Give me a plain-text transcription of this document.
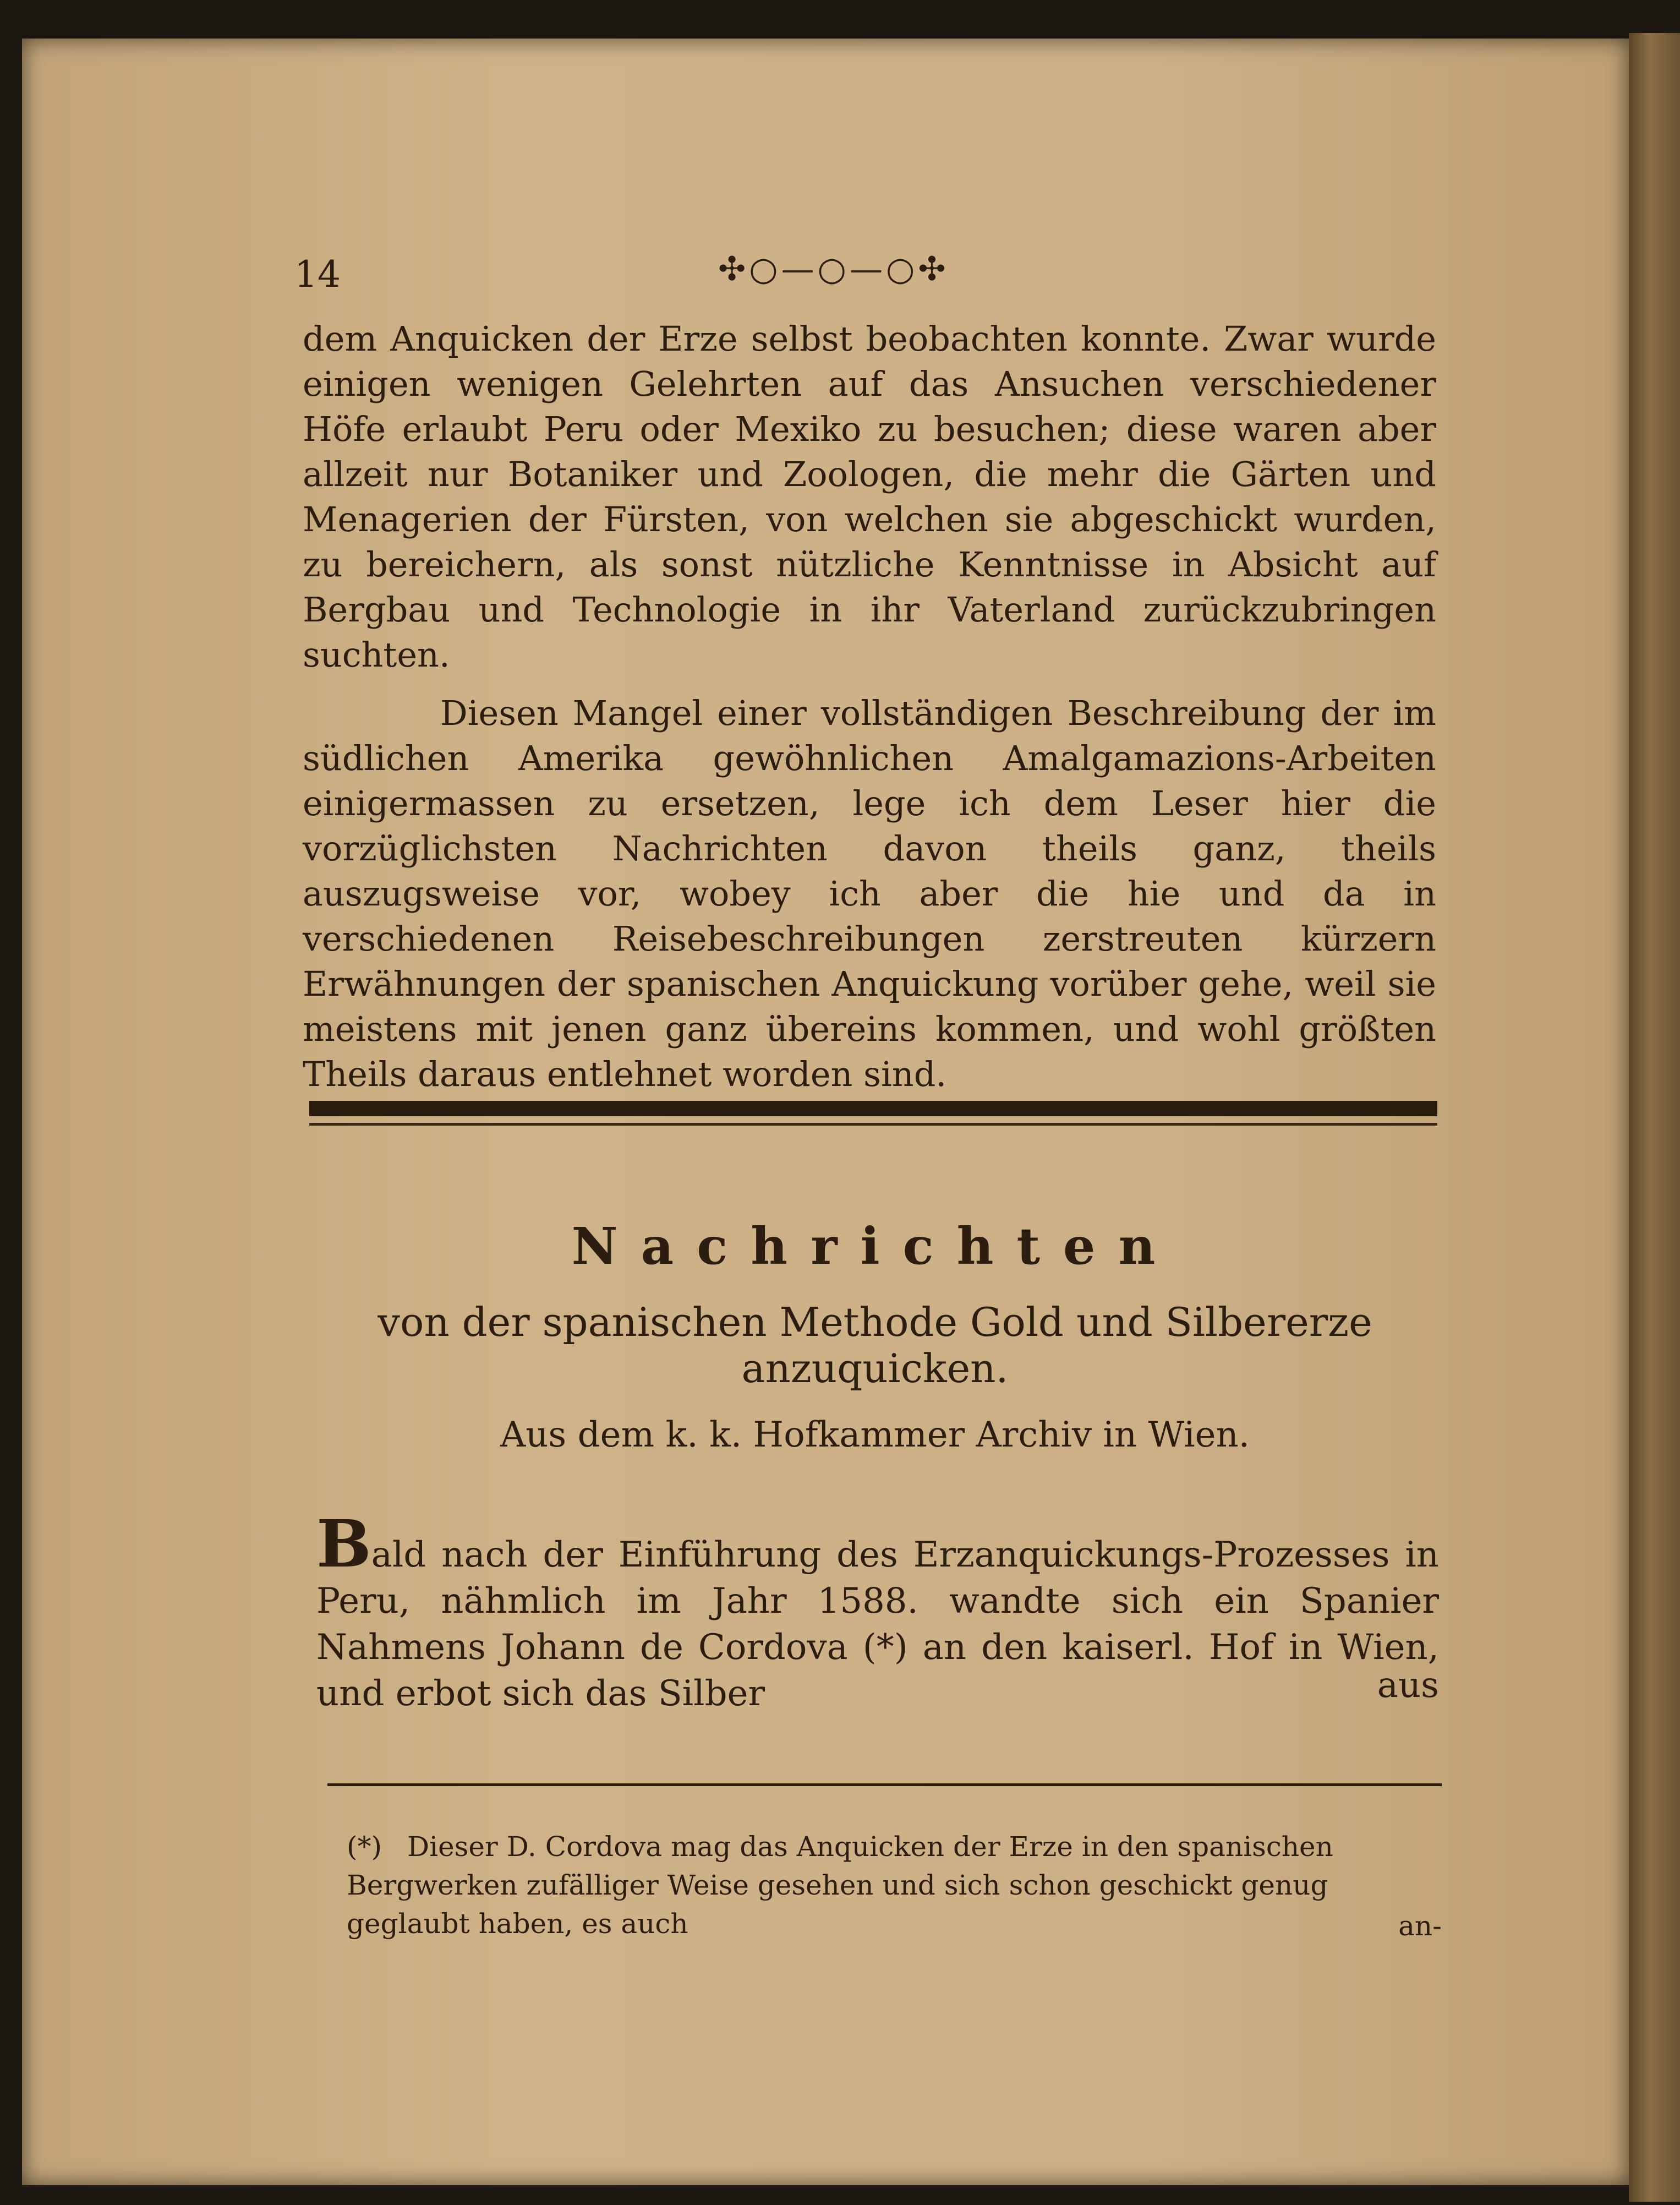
14	✣○—○—○✣

dem Anquicken der Erze selbst beobachten konnte. Zwar wurde einigen wenigen Gelehrten auf das Ansuchen verschiedener Höfe erlaubt Peru oder Mexiko zu besuchen; diese waren aber allzeit nur Botaniker und Zoologen, die mehr die Gärten und Menagerien der Fürsten, von welchen sie abgeschickt wurden, zu bereichern, als sonst nützliche Kenntnisse in Absicht auf Bergbau und Technologie in ihr Vaterland zurückzubringen suchten.

Diesen Mangel einer vollständigen Beschreibung der im südlichen Amerika gewöhnlichen Amalgamazions-Arbeiten einigermassen zu ersetzen, lege ich dem Leser hier die vorzüglichsten Nachrichten davon theils ganz, theils auszugsweise vor, wobey ich aber die hie und da in verschiedenen Reisebeschreibungen zerstreuten kürzern Erwähnungen der spanischen Anquickung vorüber gehe, weil sie meistens mit jenen ganz übereins kommen, und wohl größten Theils daraus entlehnet worden sind.

Nachrichten
von der spanischen Methode Gold und Silbererze anzuquicken.
Aus dem k. k. Hofkammer Archiv in Wien.

Bald nach der Einführung des Erzanquickungs-Prozesses in Peru, nähmlich im Jahr 1588. wandte sich ein Spanier Nahmens Johann de Cordova (*) an den kaiserl. Hof in Wien, und erbot sich das Silber	aus
(*) Dieser D. Cordova mag das Anquicken der Erze in den spanischen Bergwerken zufälliger Weise gesehen und sich schon geschickt genug geglaubt haben, es auch	an-
